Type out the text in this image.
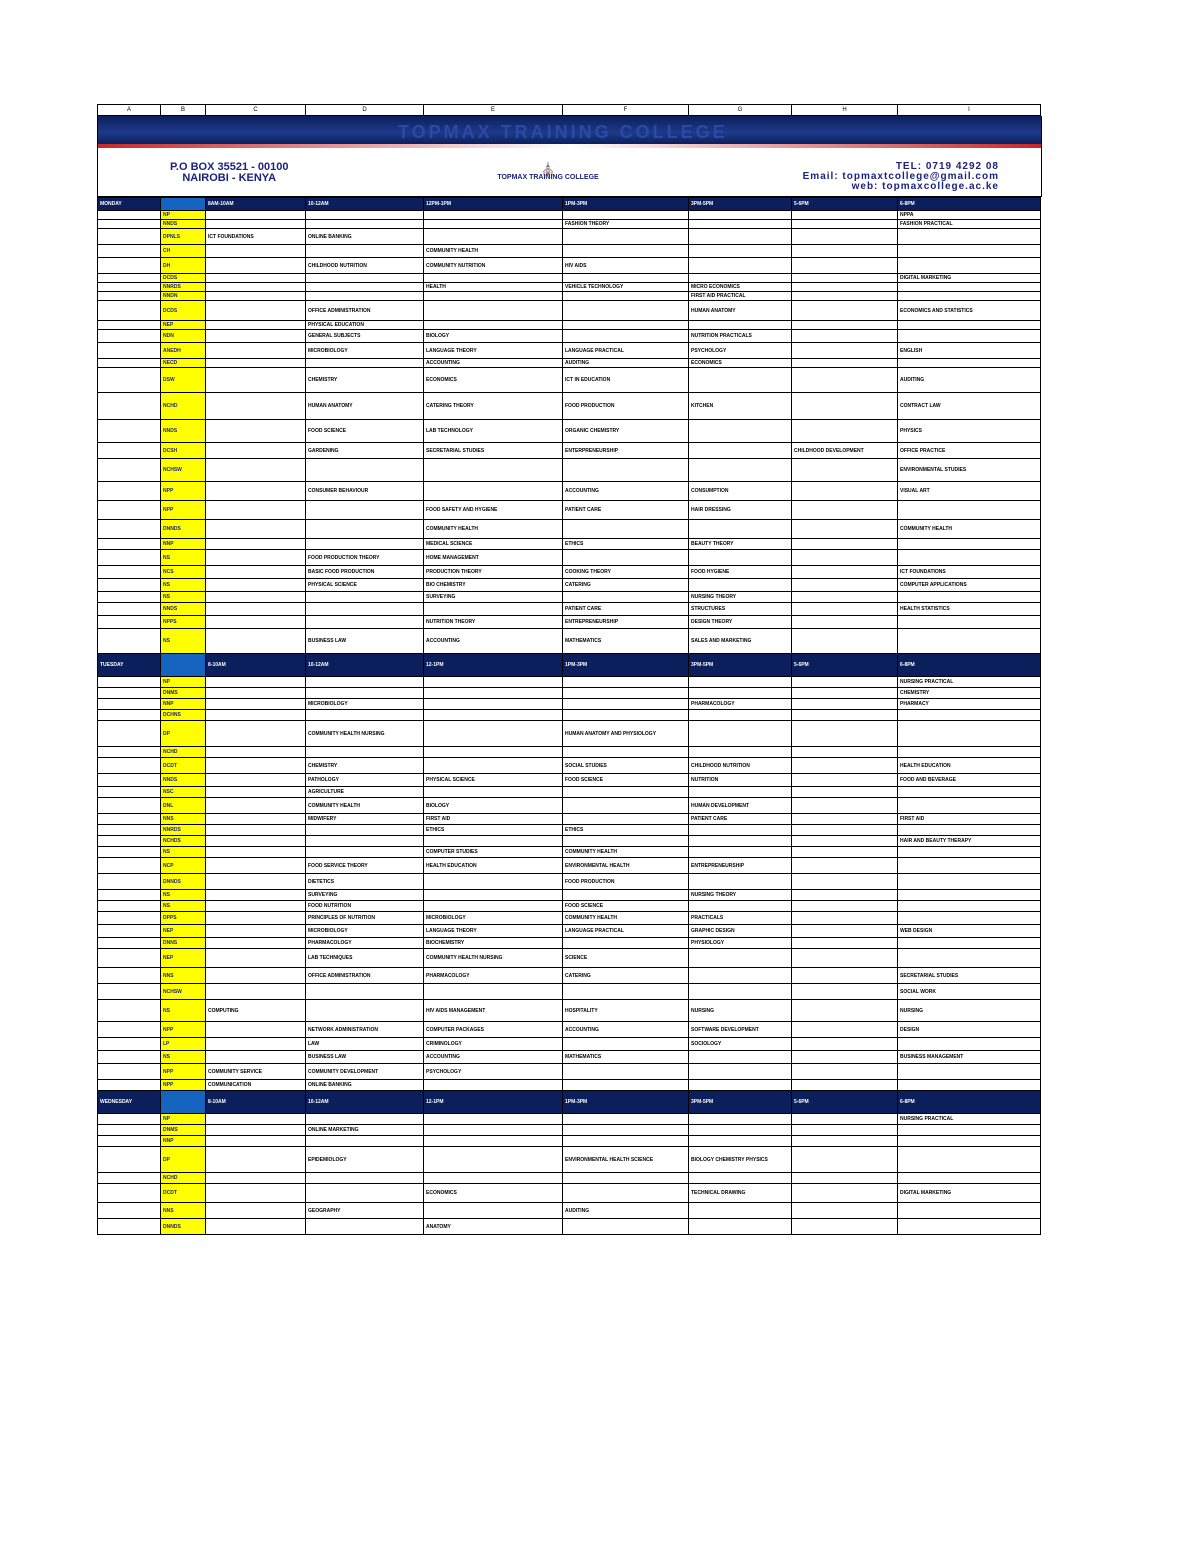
A	B	C	D	E	F	G	H	I
TOPMAX TRAINING COLLEGE
P.O BOX 35521 - 00100
NAIROBI - KENYA
⛪
TOPMAX TRAINING COLLEGE
TEL: 0719 4292 08
Email: topmaxtcollege@gmail.com
web: topmaxcollege.ac.ke
MONDAY		8AM-10AM	10-12AM	12PM-1PM	1PM-3PM	3PM-5PM	5-6PM	6-8PM
	NP							NPPA
	NNDS				FASHION THEORY			FASHION PRACTICAL
	DPNLS	ICT FOUNDATIONS	ONLINE BANKING					
	CH			COMMUNITY HEALTH				
	DH		CHILDHOOD NUTRITION	COMMUNITY NUTRITION	HIV AIDS			
	DCDS							DIGITAL MARKETING
	NNRDS			HEALTH	VEHICLE TECHNOLOGY	MICRO ECONOMICS		
	NNDN					FIRST AID PRACTICAL		
	DCDS		OFFICE ADMINISTRATION			HUMAN ANATOMY		ECONOMICS AND STATISTICS
	NEP		PHYSICAL EDUCATION					
	NDN		GENERAL SUBJECTS	BIOLOGY		NUTRITION PRACTICALS		
	ANEDH		MICROBIOLOGY	LANGUAGE THEORY	LANGUAGE PRACTICAL	PSYCHOLOGY		ENGLISH
	NECD			ACCOUNTING	AUDITING	ECONOMICS		
	DSW		CHEMISTRY	ECONOMICS	ICT IN EDUCATION			AUDITING
	NCHD		HUMAN ANATOMY	CATERING THEORY	FOOD PRODUCTION	KITCHEN		CONTRACT LAW
	NNDS		FOOD SCIENCE	LAB TECHNOLOGY	ORGANIC CHEMISTRY			PHYSICS
	DCSH		GARDENING	SECRETARIAL STUDIES	ENTERPRENEURSHIP		CHILDHOOD DEVELOPMENT	OFFICE PRACTICE
	NCHSW							ENVIRONMENTAL STUDIES
	NPP		CONSUMER BEHAVIOUR		ACCOUNTING	CONSUMPTION		VISUAL ART
	NPP			FOOD SAFETY AND HYGIENE	PATIENT CARE	HAIR DRESSING		
	DNNDS			COMMUNITY HEALTH				COMMUNITY HEALTH
	NNP			MEDICAL SCIENCE	ETHICS	BEAUTY THEORY		
	NS		FOOD PRODUCTION THEORY	HOME MANAGEMENT				
	NCS		BASIC FOOD PRODUCTION	PRODUCTION THEORY	COOKING THEORY	FOOD HYGIENE		ICT FOUNDATIONS
	NS		PHYSICAL SCIENCE	BIO CHEMISTRY	CATERING			COMPUTER APPLICATIONS
	NS			SURVEYING		NURSING THEORY		
	NNDS				PATIENT CARE	STRUCTURES		HEALTH STATISTICS
	NPPS			NUTRITION THEORY	ENTREPRENEURSHIP	DESIGN THEORY		
	NS		BUSINESS LAW	ACCOUNTING	MATHEMATICS	SALES AND MARKETING		
TUESDAY		8-10AM	10-12AM	12-1PM	1PM-3PM	3PM-5PM	5-6PM	6-8PM
	NP							NURSING PRACTICAL
	DNMS							CHEMISTRY
	NNP		MICROBIOLOGY			PHARMACOLOGY		PHARMACY
	DCHNS							
	DP		COMMUNITY HEALTH NURSING		HUMAN ANATOMY AND PHYSIOLOGY			
	NCHD							
	DCDT		CHEMISTRY		SOCIAL STUDIES	CHILDHOOD NUTRITION		HEALTH EDUCATION
	NNDS		PATHOLOGY	PHYSICAL SCIENCE	FOOD SCIENCE	NUTRITION		FOOD AND BEVERAGE
	NSC		AGRICULTURE					
	DNL		COMMUNITY HEALTH	BIOLOGY		HUMAN DEVELOPMENT		
	NNS		MIDWIFERY	FIRST AID		PATIENT CARE		FIRST AID
	NNRDS			ETHICS	ETHICS			
	NCHDS							HAIR AND BEAUTY THERAPY
	NS			COMPUTER STUDIES	COMMUNITY HEALTH			
	NCP		FOOD SERVICE THEORY	HEALTH EDUCATION	ENVIRONMENTAL HEALTH	ENTREPRENEURSHIP		
	DNNDS		DIETETICS		FOOD PRODUCTION			
	NS		SURVEYING			NURSING THEORY		
	NS		FOOD NUTRITION		FOOD SCIENCE			
	DPPS		PRINCIPLES OF NUTRITION	MICROBIOLOGY	COMMUNITY HEALTH	PRACTICALS		
	NEP		MICROBIOLOGY	LANGUAGE THEORY	LANGUAGE PRACTICAL	GRAPHIC DESIGN		WEB DESIGN
	DNNS		PHARMACOLOGY	BIOCHEMISTRY		PHYSIOLOGY		
	NEP		LAB TECHNIQUES	COMMUNITY HEALTH NURSING	SCIENCE			
	NNS		OFFICE ADMINISTRATION	PHARMACOLOGY	CATERING			SECRETARIAL STUDIES
	NCHSW							SOCIAL WORK
	NS	COMPUTING		HIV AIDS MANAGEMENT	HOSPITALITY	NURSING		NURSING
	NPP		NETWORK ADMINISTRATION	COMPUTER PACKAGES	ACCOUNTING	SOFTWARE DEVELOPMENT		DESIGN
	LP		LAW	CRIMINOLOGY		SOCIOLOGY		
	NS		BUSINESS LAW	ACCOUNTING	MATHEMATICS			BUSINESS MANAGEMENT
	NPP	COMMUNITY SERVICE	COMMUNITY DEVELOPMENT	PSYCHOLOGY				
	NPP	COMMUNICATION	ONLINE BANKING					
WEDNESDAY		8-10AM	10-12AM	12-1PM	1PM-3PM	3PM-5PM	5-6PM	6-8PM
	NP							NURSING PRACTICAL
	DNMS		ONLINE MARKETING					
	NNP							
	DP		EPIDEMIOLOGY		ENVIRONMENTAL HEALTH SCIENCE	BIOLOGY CHEMISTRY PHYSICS		
	NCHD							
	DCDT			ECONOMICS		TECHNICAL DRAWING		DIGITAL MARKETING
	NNS		GEOGRAPHY		AUDITING			
	DNNDS			ANATOMY				
